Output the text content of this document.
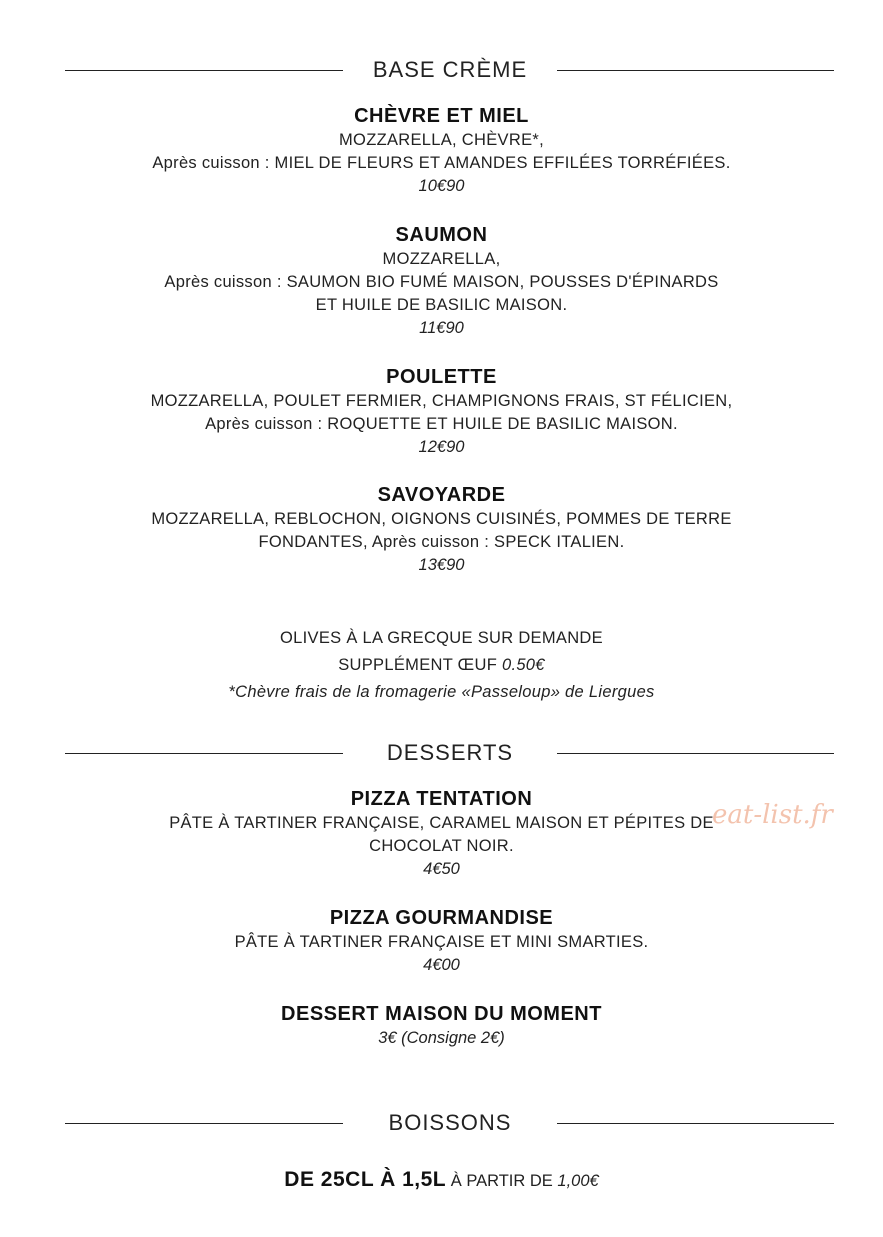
BASE CRÈME
CHÈVRE ET MIEL
MOZZARELLA, CHÈVRE*,
Après cuisson : MIEL DE FLEURS ET AMANDES EFFILÉES TORRÉFIÉES.
10€90
SAUMON
MOZZARELLA,
Après cuisson : SAUMON BIO FUMÉ MAISON, POUSSES D'ÉPINARDS
ET HUILE DE BASILIC MAISON.
11€90
POULETTE
MOZZARELLA, POULET FERMIER, CHAMPIGNONS FRAIS, ST FÉLICIEN,
Après cuisson : ROQUETTE ET HUILE DE BASILIC MAISON.
12€90
SAVOYARDE
MOZZARELLA, REBLOCHON, OIGNONS CUISINÉS, POMMES DE TERRE
FONDANTES, Après cuisson : SPECK ITALIEN.
13€90
OLIVES À LA GRECQUE SUR DEMANDE
SUPPLÉMENT ŒUF 0.50€
*Chèvre frais de la fromagerie «Passeloup» de Liergues
DESSERTS
PIZZA TENTATION
PÂTE À TARTINER FRANÇAISE, CARAMEL MAISON ET PÉPITES DE
CHOCOLAT NOIR.
4€50
PIZZA GOURMANDISE
PÂTE À TARTINER FRANÇAISE ET MINI SMARTIES.
4€00
DESSERT MAISON DU MOMENT
3€ (Consigne 2€)
eat-list.fr
BOISSONS
DE 25CL À 1,5L À PARTIR DE 1,00€
